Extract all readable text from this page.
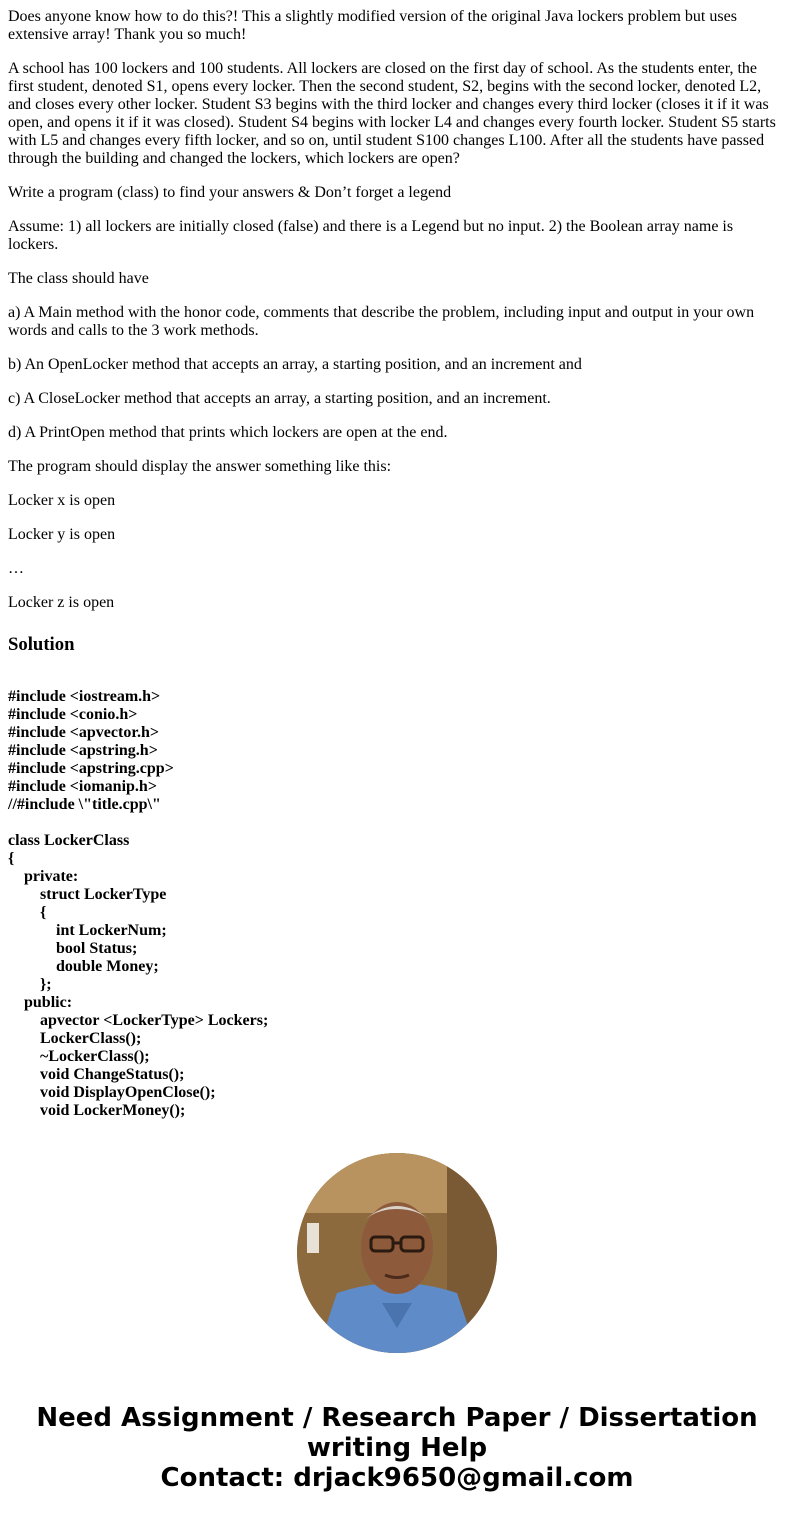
Does anyone know how to do this?! This a slightly modified version of the original Java lockers problem but uses extensive array! Thank you so much!

A school has 100 lockers and 100 students. All lockers are closed on the first day of school. As the students enter, the first student, denoted S1, opens every locker. Then the second student, S2, begins with the second locker, denoted L2, and closes every other locker. Student S3 begins with the third locker and changes every third locker (closes it if it was open, and opens it if it was closed). Student S4 begins with locker L4 and changes every fourth locker. Student S5 starts with L5 and changes every fifth locker, and so on, until student S100 changes L100. After all the students have passed through the building and changed the lockers, which lockers are open?

Write a program (class) to find your answers & Don’t forget a legend

Assume: 1) all lockers are initially closed (false) and there is a Legend but no input. 2) the Boolean array name is lockers.

The class should have

a) A Main method with the honor code, comments that describe the problem, including input and output in your own words and calls to the 3 work methods.

b) An OpenLocker method that accepts an array, a starting position, and an increment and

c) A CloseLocker method that accepts an array, a starting position, and an increment.

d) A PrintOpen method that prints which lockers are open at the end.

The program should display the answer something like this:

Locker x is open

Locker y is open

…

Locker z is open

Solution
#include <iostream.h>
#include <conio.h>
#include <apvector.h>
#include <apstring.h>
#include <apstring.cpp>
#include <iomanip.h>
//#include \"title.cpp\"
class LockerClass
{
private:
struct LockerType
{
int LockerNum;
bool Status;
double Money;
};
public:
apvector <LockerType> Lockers;
LockerClass();
~LockerClass();
void ChangeStatus();
void DisplayOpenClose();
void LockerMoney();
Need Assignment / Research Paper / Dissertation
writing Help
Contact: drjack9650@gmail.com
